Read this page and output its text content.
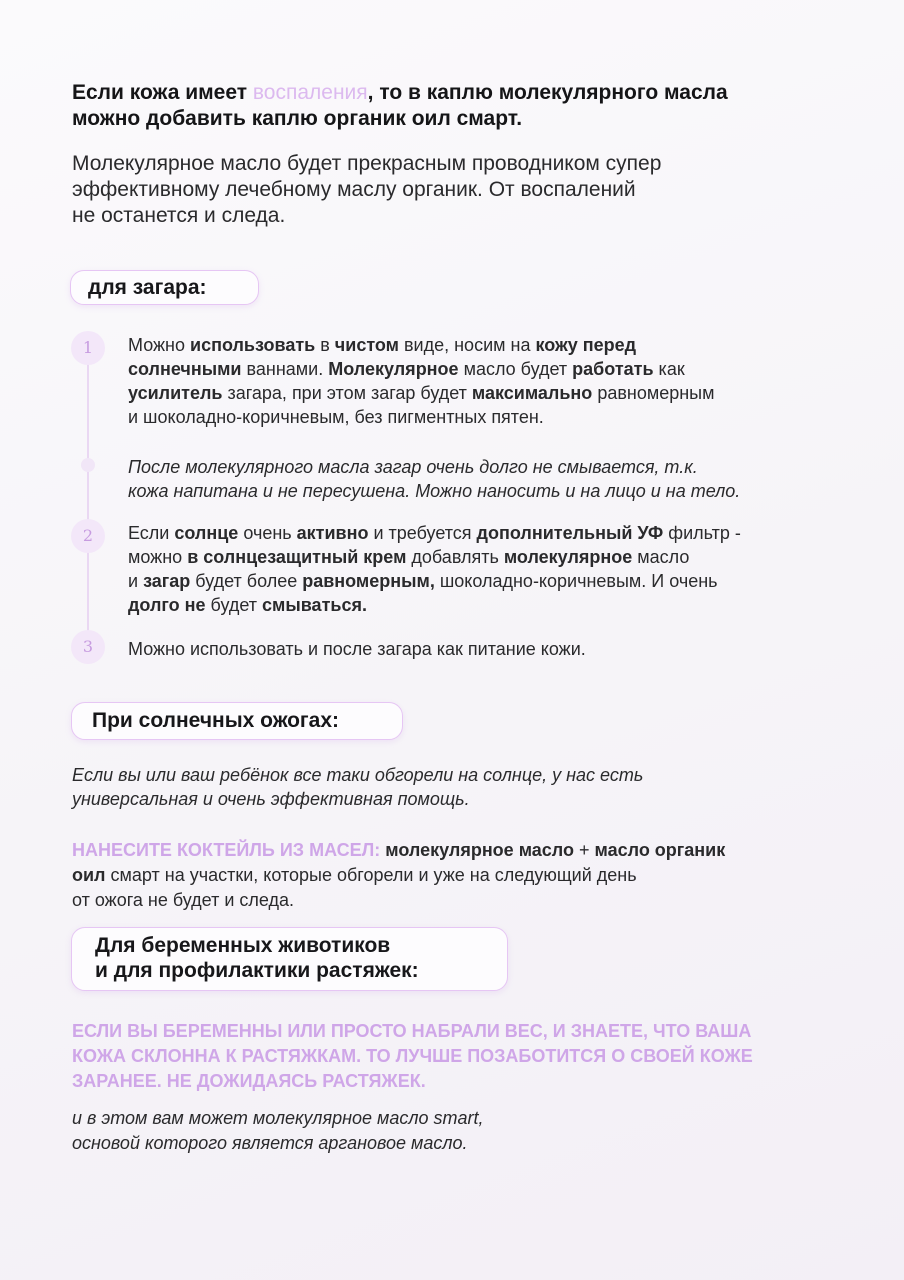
Если кожа имеет воспаления, то в каплю молекулярного масла
можно добавить каплю органик оил смарт.
Молекулярное масло будет прекрасным проводником супер
эффективному лечебному маслу органик. От воспалений
не останется и следа.
для загара:
1
2
3
Можно использовать в чистом виде, носим на кожу перед
солнечными ваннами. Молекулярное масло будет работать как
усилитель загара, при этом загар будет максимально равномерным
и шоколадно-коричневым, без пигментных пятен.
После молекулярного масла загар очень долго не смывается, т.к.
кожа напитана и не пересушена. Можно наносить и на лицо и на тело.
Если солнце очень активно и требуется дополнительный УФ фильтр -
можно в солнцезащитный крем добавлять молекулярное масло
и загар будет более равномерным, шоколадно-коричневым. И очень
долго не будет смываться.
Можно использовать и после загара как питание кожи.
При солнечных ожогах:
Если вы или ваш ребёнок все таки обгорели на солнце, у нас есть
универсальная и очень эффективная помощь.
НАНЕСИТЕ КОКТЕЙЛЬ ИЗ МАСЕЛ: молекулярное масло + масло органик
оил смарт на участки, которые обгорели и уже на следующий день
от ожога не будет и следа.
Для беременных животиков
и для профилактики растяжек:
ЕСЛИ ВЫ БЕРЕМЕННЫ ИЛИ ПРОСТО НАБРАЛИ ВЕС, И ЗНАЕТЕ, ЧТО ВАША
КОЖА СКЛОННА К РАСТЯЖКАМ. ТО ЛУЧШЕ ПОЗАБОТИТСЯ О СВОЕЙ КОЖЕ
ЗАРАНЕЕ. НЕ ДОЖИДАЯСЬ РАСТЯЖЕК.
и в этом вам может молекулярное масло smart,
основой которого является аргановое масло.
